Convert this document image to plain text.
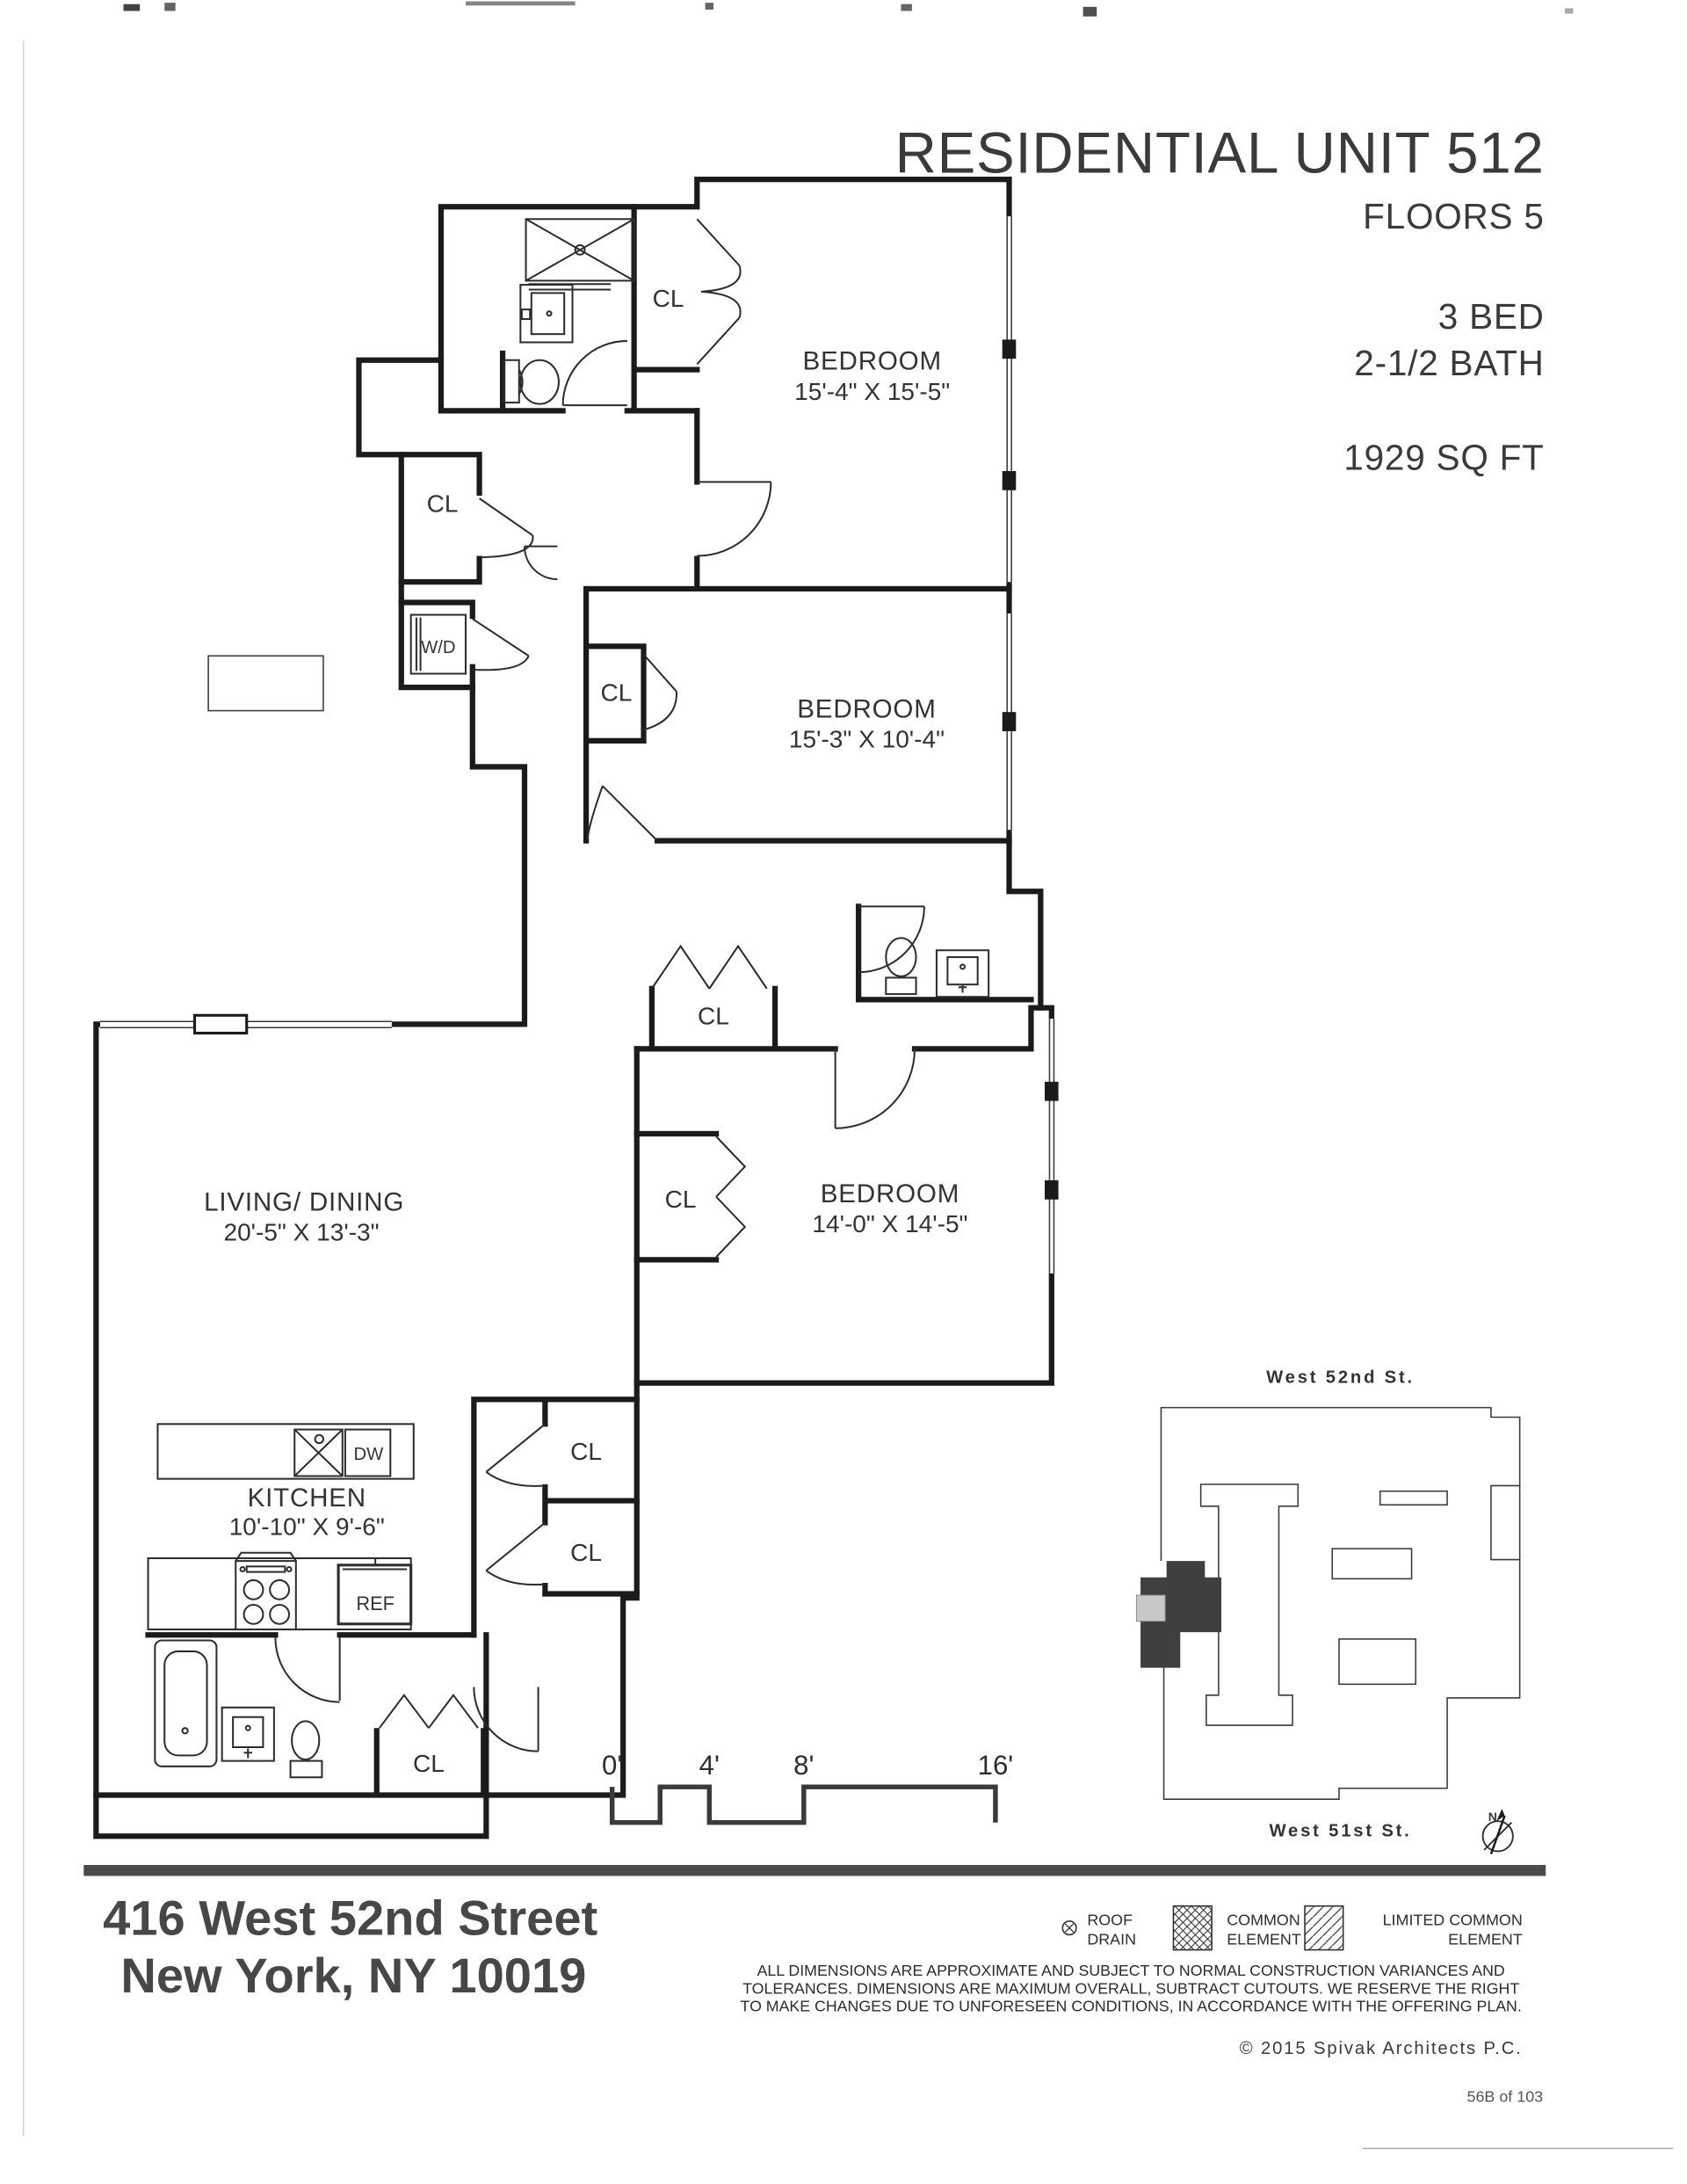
RESIDENTIAL UNIT 512
FLOORS 5
3 BED
2-1/2 BATH
1929 SQ FT
BEDROOM
15'-4" X 15'-5"
BEDROOM
15'-3" X 10'-4"
BEDROOM
14'-0" X 14'-5"
LIVING/ DINING
20'-5" X 13'-3"
KITCHEN
10'-10" X 9'-6"
CL
CL
CL
CL
CL
CL
CL
CL
W/D
DW
REF
0'	4'	8'	16'
West 52nd St.
West 51st St.
N
416 West 52nd Street
New York, NY 10019
ROOF
DRAIN
COMMON
ELEMENT
LIMITED COMMON
ELEMENT
ALL DIMENSIONS ARE APPROXIMATE AND SUBJECT TO NORMAL CONSTRUCTION VARIANCES AND
TOLERANCES. DIMENSIONS ARE MAXIMUM OVERALL, SUBTRACT CUTOUTS. WE RESERVE THE RIGHT
TO MAKE CHANGES DUE TO UNFORESEEN CONDITIONS, IN ACCORDANCE WITH THE OFFERING PLAN.
© 2015 Spivak Architects P.C.
56B of 103
